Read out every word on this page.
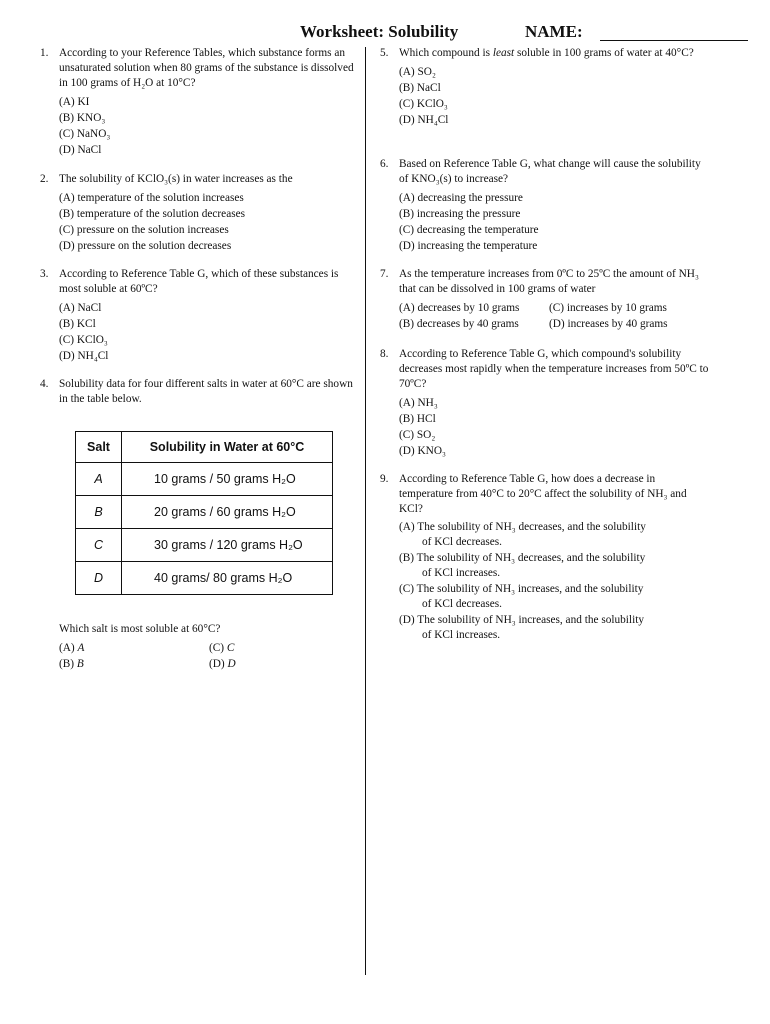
Worksheet: Solubility	NAME:
1. According to your Reference Tables, which substance forms an unsaturated solution when 80 grams of the substance is dissolved in 100 grams of H₂O at 10°C?
(A) KI
(B) KNO₃
(C) NaNO₃
(D) NaCl
2. The solubility of KClO₃(s) in water increases as the
(A) temperature of the solution increases
(B) temperature of the solution decreases
(C) pressure on the solution increases
(D) pressure on the solution decreases
3. According to Reference Table G, which of these substances is most soluble at 60ºC?
(A) NaCl
(B) KCl
(C) KClO₃
(D) NH₄Cl
4. Solubility data for four different salts in water at 60°C are shown in the table below.
Salt	Solubility in Water at 60°C
A	10 grams / 50 grams H₂O
B	20 grams / 60 grams H₂O
C	30 grams / 120 grams H₂O
D	40 grams/ 80 grams H₂O
Which salt is most soluble at 60°C?
(A) A	(C) C
(B) B	(D) D
5. Which compound is least soluble in 100 grams of water at 40°C?
(A) SO₂
(B) NaCl
(C) KClO₃
(D) NH₄Cl
6. Based on Reference Table G, what change will cause the solubility of KNO₃(s) to increase?
(A) decreasing the pressure
(B) increasing the pressure
(C) decreasing the temperature
(D) increasing the temperature
7. As the temperature increases from 0ºC to 25ºC the amount of NH₃ that can be dissolved in 100 grams of water
(A) decreases by 10 grams	(C) increases by 10 grams
(B) decreases by 40 grams	(D) increases by 40 grams
8. According to Reference Table G, which compound's solubility decreases most rapidly when the temperature increases from 50ºC to 70ºC?
(A) NH₃
(B) HCl
(C) SO₂
(D) KNO₃
9. According to Reference Table G, how does a decrease in temperature from 40°C to 20°C affect the solubility of NH₃ and KCl?
(A) The solubility of NH₃ decreases, and the solubility of KCl decreases.
(B) The solubility of NH₃ decreases, and the solubility of KCl increases.
(C) The solubility of NH₃ increases, and the solubility of KCl decreases.
(D) The solubility of NH₃ increases, and the solubility of KCl increases.
